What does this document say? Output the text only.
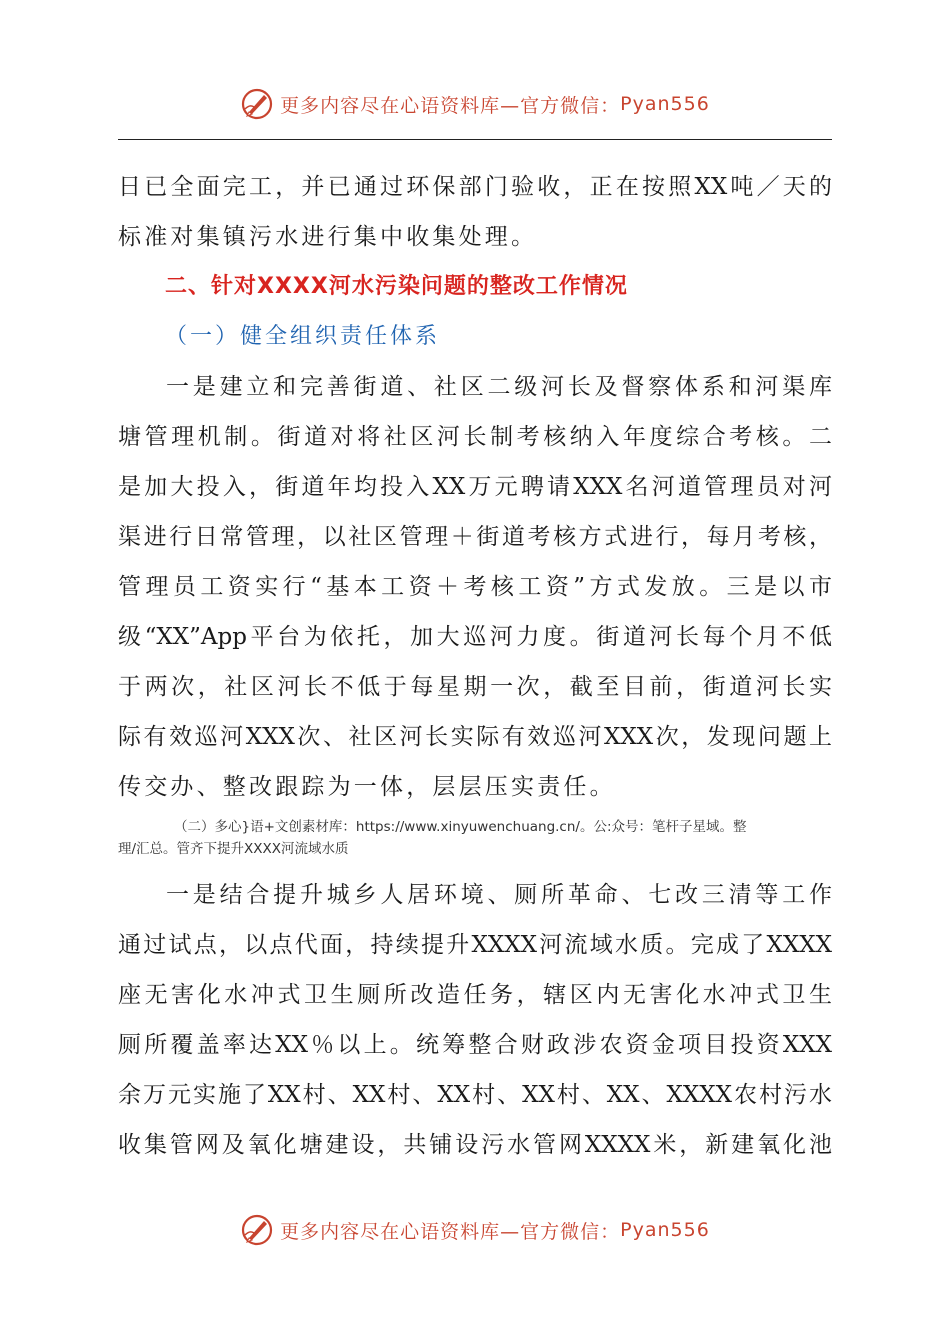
更多内容尽在心语资料库—官方微信： Pyan556
日已全面完工，并已通过环保部门验收，正在按照XX吨／天的
标准对集镇污水进行集中收集处理。
二、针对XXXX河水污染问题的整改工作情况
（一）健全组织责任体系
一是建立和完善街道、社区二级河长及督察体系和河渠库
塘管理机制。街道对将社区河长制考核纳入年度综合考核。二
是加大投入，街道年均投入XX万元聘请XXX名河道管理员对河
渠进行日常管理，以社区管理＋街道考核方式进行，每月考核，
管理员工资实行“基本工资＋考核工资”方式发放。三是以市
级“XX”App平台为依托，加大巡河力度。街道河长每个月不低
于两次，社区河长不低于每星期一次，截至目前，街道河长实
际有效巡河XXX次、社区河长实际有效巡河XXX次，发现问题上
传交办、整改跟踪为一体，层层压实责任。
（二）多心}语+文创素材库：https://www.xinyuwenchuang.cn/。公:众号：笔杆子星域。整
理/汇总。管齐下提升XXXX河流域水质
一是结合提升城乡人居环境、厕所革命、七改三清等工作
通过试点，以点代面，持续提升XXXX河流域水质。完成了XXXX
座无害化水冲式卫生厕所改造任务，辖区内无害化水冲式卫生
厕所覆盖率达XX％以上。统筹整合财政涉农资金项目投资XXX
余万元实施了XX村、XX村、XX村、XX村、XX、XXXX农村污水
收集管网及氧化塘建设，共铺设污水管网XXXX米，新建氧化池
更多内容尽在心语资料库—官方微信： Pyan556
